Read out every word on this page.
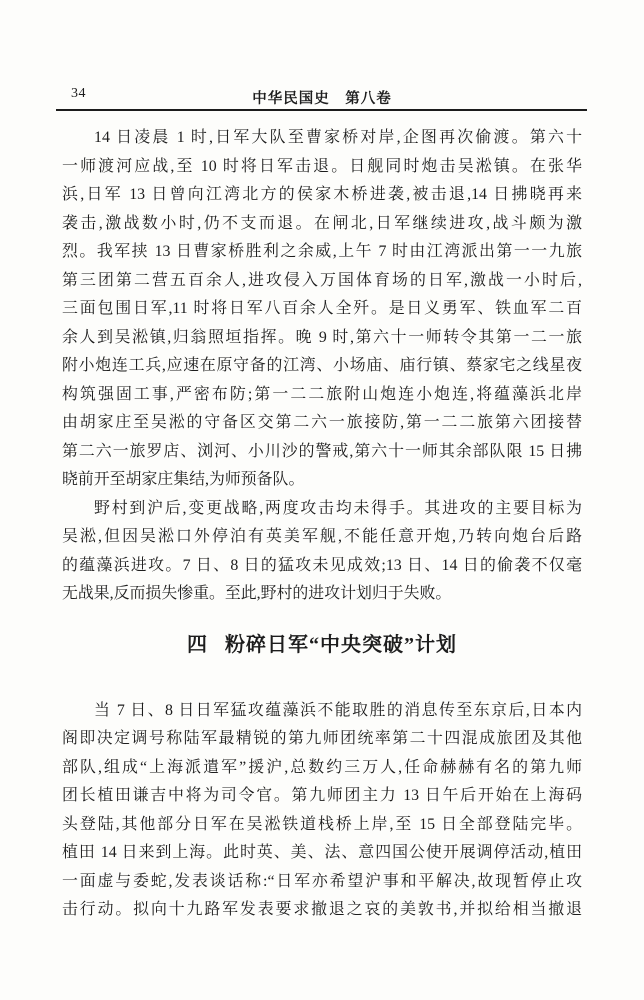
34	中华民国史　第八卷
14 日凌晨 1 时,日军大队至曹家桥对岸,企图再次偷渡。第六十
一师渡河应战,至 10 时将日军击退。日舰同时炮击吴淞镇。在张华
浜,日军 13 日曾向江湾北方的侯家木桥进袭,被击退,14 日拂晓再来
袭击,激战数小时,仍不支而退。在闸北,日军继续进攻,战斗颇为激
烈。我军挟 13 日曹家桥胜利之余威,上午 7 时由江湾派出第一一九旅
第三团第二营五百余人,进攻侵入万国体育场的日军,激战一小时后,
三面包围日军,11 时将日军八百余人全歼。是日义勇军、铁血军二百
余人到吴淞镇,归翁照垣指挥。晚 9 时,第六十一师转令其第一二一旅
附小炮连工兵,应速在原守备的江湾、小场庙、庙行镇、蔡家宅之线星夜
构筑强固工事,严密布防;第一二二旅附山炮连小炮连,将蕴藻浜北岸
由胡家庄至吴淞的守备区交第二六一旅接防,第一二二旅第六团接替
第二六一旅罗店、浏河、小川沙的警戒,第六十一师其余部队限 15 日拂
晓前开至胡家庄集结,为师预备队。
野村到沪后,变更战略,两度攻击均未得手。其进攻的主要目标为
吴淞,但因吴淞口外停泊有英美军舰,不能任意开炮,乃转向炮台后路
的蕴藻浜进攻。7 日、8 日的猛攻未见成效;13 日、14 日的偷袭不仅毫
无战果,反而损失惨重。至此,野村的进攻计划归于失败。
四 粉碎日军“中央突破”计划
当 7 日、8 日日军猛攻蕴藻浜不能取胜的消息传至东京后,日本内
阁即决定调号称陆军最精锐的第九师团统率第二十四混成旅团及其他
部队,组成“上海派遣军”援沪,总数约三万人,任命赫赫有名的第九师
团长植田谦吉中将为司令官。第九师团主力 13 日午后开始在上海码
头登陆,其他部分日军在吴淞铁道栈桥上岸,至 15 日全部登陆完毕。
植田 14 日来到上海。此时英、美、法、意四国公使开展调停活动,植田
一面虚与委蛇,发表谈话称:“日军亦希望沪事和平解决,故现暂停止攻
击行动。拟向十九路军发表要求撤退之哀的美敦书,并拟给相当撤退
